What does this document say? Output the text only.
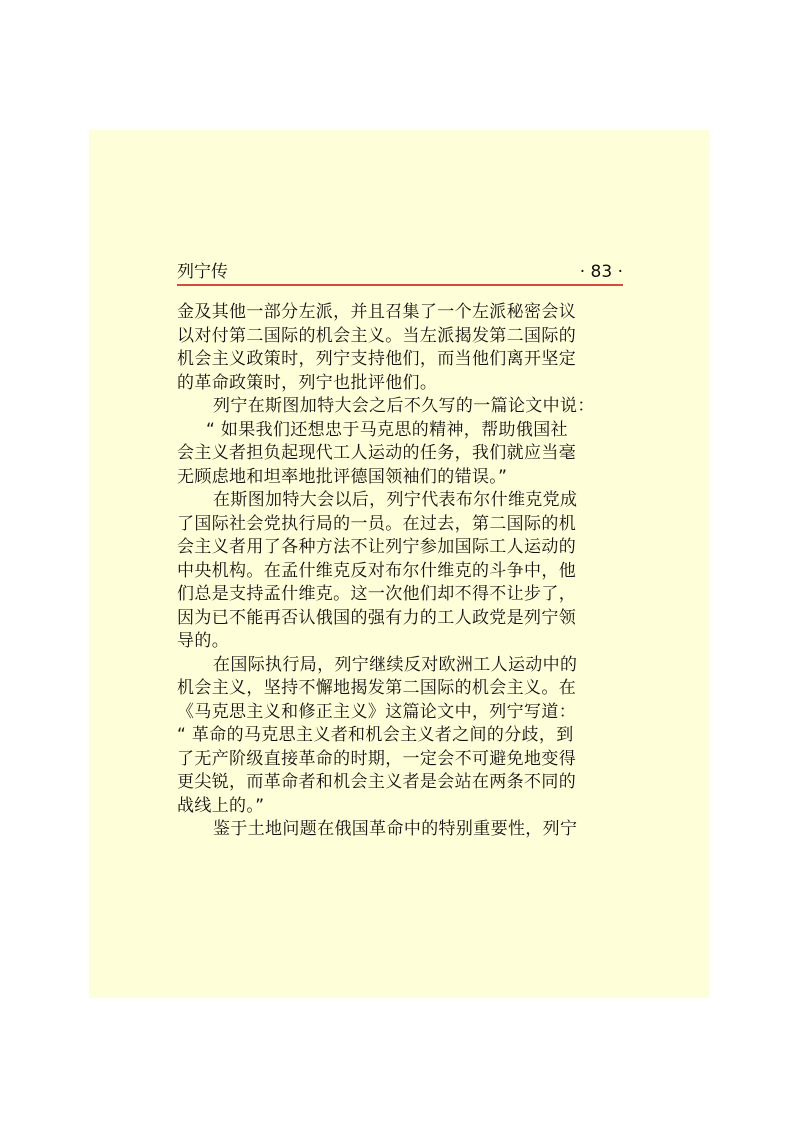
列宁传	· 83 ·
金及其他一部分左派，并且召集了一个左派秘密会议
以对付第二国际的机会主义。当左派揭发第二国际的
机会主义政策时，列宁支持他们，而当他们离开坚定
的革命政策时，列宁也批评他们。
列宁在斯图加特大会之后不久写的一篇论文中说：
“ 如果我们还想忠于马克思的精神，帮助俄国社
会主义者担负起现代工人运动的任务，我们就应当毫
无顾虑地和坦率地批评德国领袖们的错误。”
在斯图加特大会以后，列宁代表布尔什维克党成
了国际社会党执行局的一员。在过去，第二国际的机
会主义者用了各种方法不让列宁参加国际工人运动的
中央机构。在孟什维克反对布尔什维克的斗争中，他
们总是支持孟什维克。这一次他们却不得不让步了，
因为已不能再否认俄国的强有力的工人政党是列宁领
导的。
在国际执行局，列宁继续反对欧洲工人运动中的
机会主义，坚持不懈地揭发第二国际的机会主义。在
《马克思主义和修正主义》这篇论文中，列宁写道：
“ 革命的马克思主义者和机会主义者之间的分歧，到
了无产阶级直接革命的时期，一定会不可避免地变得
更尖锐，而革命者和机会主义者是会站在两条不同的
战线上的。”
鉴于土地问题在俄国革命中的特别重要性，列宁
